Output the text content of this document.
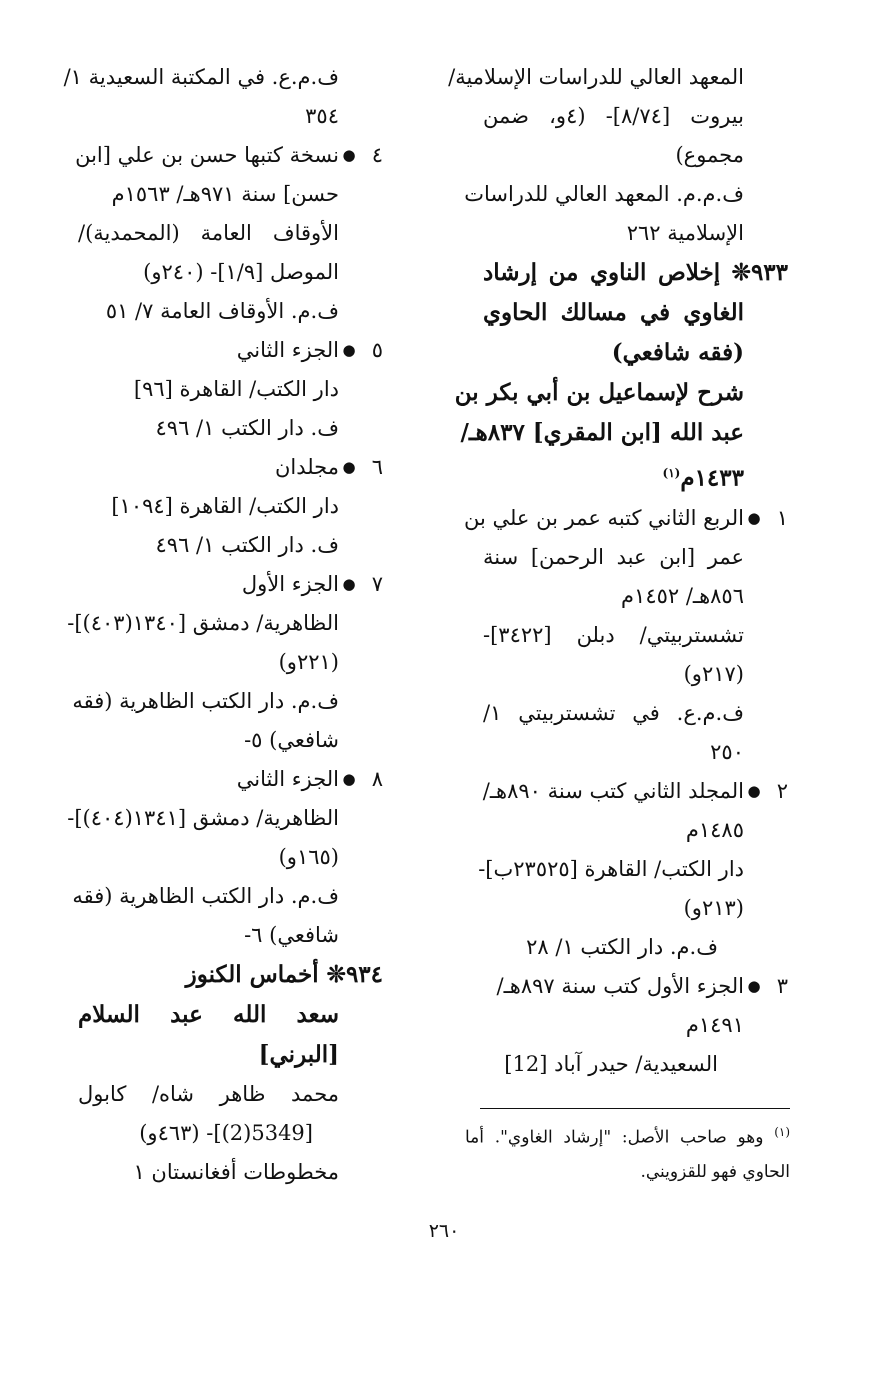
المعهد العالي للدراسات الإسلامية/
بيروت [٨/٧٤]- (٤و، ضمن
مجموع)
ف.م.م. المعهد العالي للدراسات
الإسلامية ٢٦٢
٩٣٣❊ إخلاص الناوي من إرشاد
الغاوي في مسالك الحاوي
(فقه شافعي)
شرح لإسماعيل بن أبي بكر بن
عبد الله [ابن المقري] ٨٣٧هـ/
١٤٣٣م$^{(١)}$
١●الربع الثاني كتبه عمر بن علي بن
عمر [ابن عبد الرحمن] سنة
٨٥٦هـ/ ١٤٥٢م
تشستربيتي/ دبلن [٣٤٢٢]-
(٢١٧و)
ف.م.ع. في تشستربيتي ١/
٢٥٠
٢●المجلد الثاني كتب سنة ٨٩٠هـ/
١٤٨٥م
دار الكتب/ القاهرة [٢٣٥٢٥ب]-
(٢١٣و)
ف.م. دار الكتب ١/ ٢٨
٣●الجزء الأول كتب سنة ٨٩٧هـ/
١٤٩١م
السعيدية/ حيدر آباد [12]
ف.م.ع. في المكتبة السعيدية ١/
٣٥٤
٤●نسخة كتبها حسن بن علي [ابن
حسن] سنة ٩٧١هـ/ ١٥٦٣م
الأوقاف العامة (المحمدية)/
الموصل [١/٩]- (٢٤٠و)
ف.م. الأوقاف العامة ٧/ ٥١
٥●الجزء الثاني
دار الكتب/ القاهرة [٩٦]
ف. دار الكتب ١/ ٤٩٦
٦●مجلدان
دار الكتب/ القاهرة [١٠٩٤]
ف. دار الكتب ١/ ٤٩٦
٧●الجزء الأول
الظاهرية/ دمشق [١٣٤٠(٤٠٣)]-
(٢٢١و)
ف.م. دار الكتب الظاهرية (فقه
شافعي) ٥-
٨●الجزء الثاني
الظاهرية/ دمشق [١٣٤١(٤٠٤)]-
(١٦٥و)
ف.م. دار الكتب الظاهرية (فقه
شافعي) ٦-
٩٣٤❊ أخماس الكنوز
سعد الله عبد السلام
[البرني]
محمد ظاهر شاه/ كابول
[5349(2)]- (٤٦٣و)
مخطوطات أفغانستان ١
$^{(١)}$ وهو صاحب الأصل: "إرشاد الغاوي". أما
الحاوي فهو للقزويني.
٢٦٠
